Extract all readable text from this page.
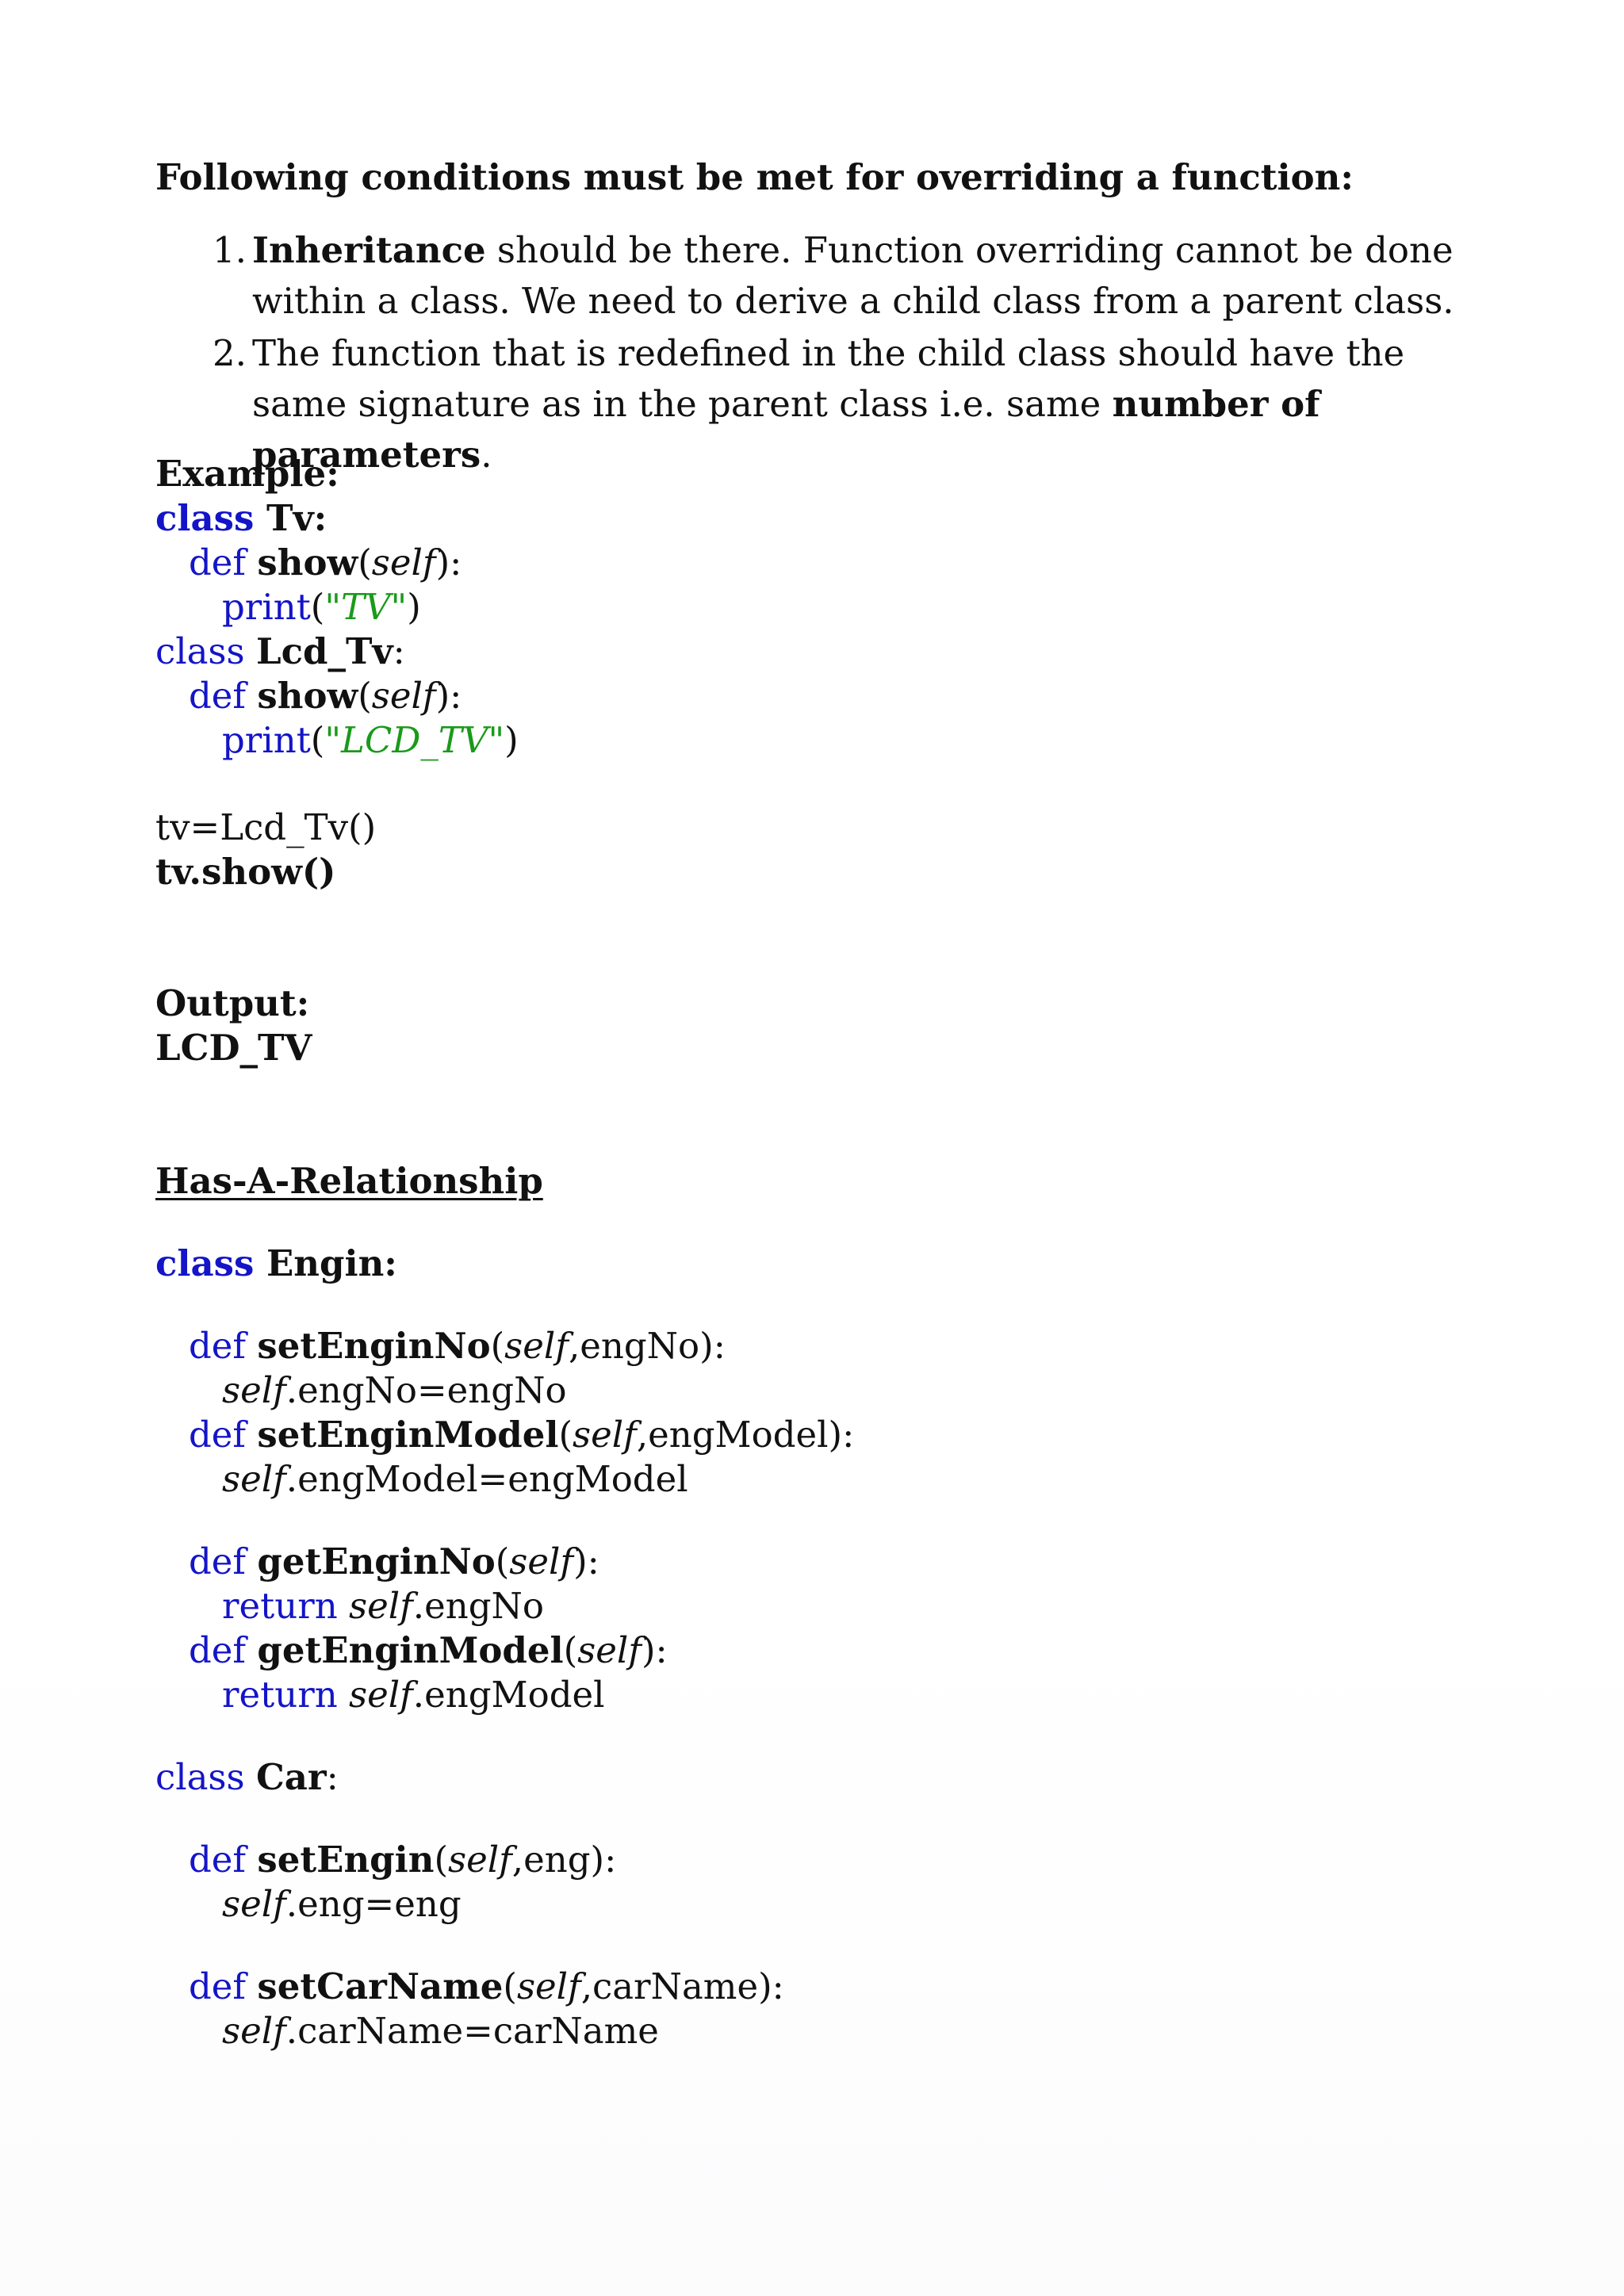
Following conditions must be met for overriding a function:
1. Inheritance should be there. Function overriding cannot be done within a class. We need to derive a child class from a parent class.
2. The function that is redefined in the child class should have the same signature as in the parent class i.e. same number of parameters.
Example:
class Tv:
def show(self):
print("TV")
class Lcd_Tv:
def show(self):
print("LCD_TV")
tv=Lcd_Tv()
tv.show()
Output:
LCD_TV
Has-A-Relationship
class Engin:
def setEnginNo(self,engNo):
self.engNo=engNo
def setEnginModel(self,engModel):
self.engModel=engModel
def getEnginNo(self):
return self.engNo
def getEnginModel(self):
return self.engModel
class Car:
def setEngin(self,eng):
self.eng=eng
def setCarName(self,carName):
self.carName=carName
